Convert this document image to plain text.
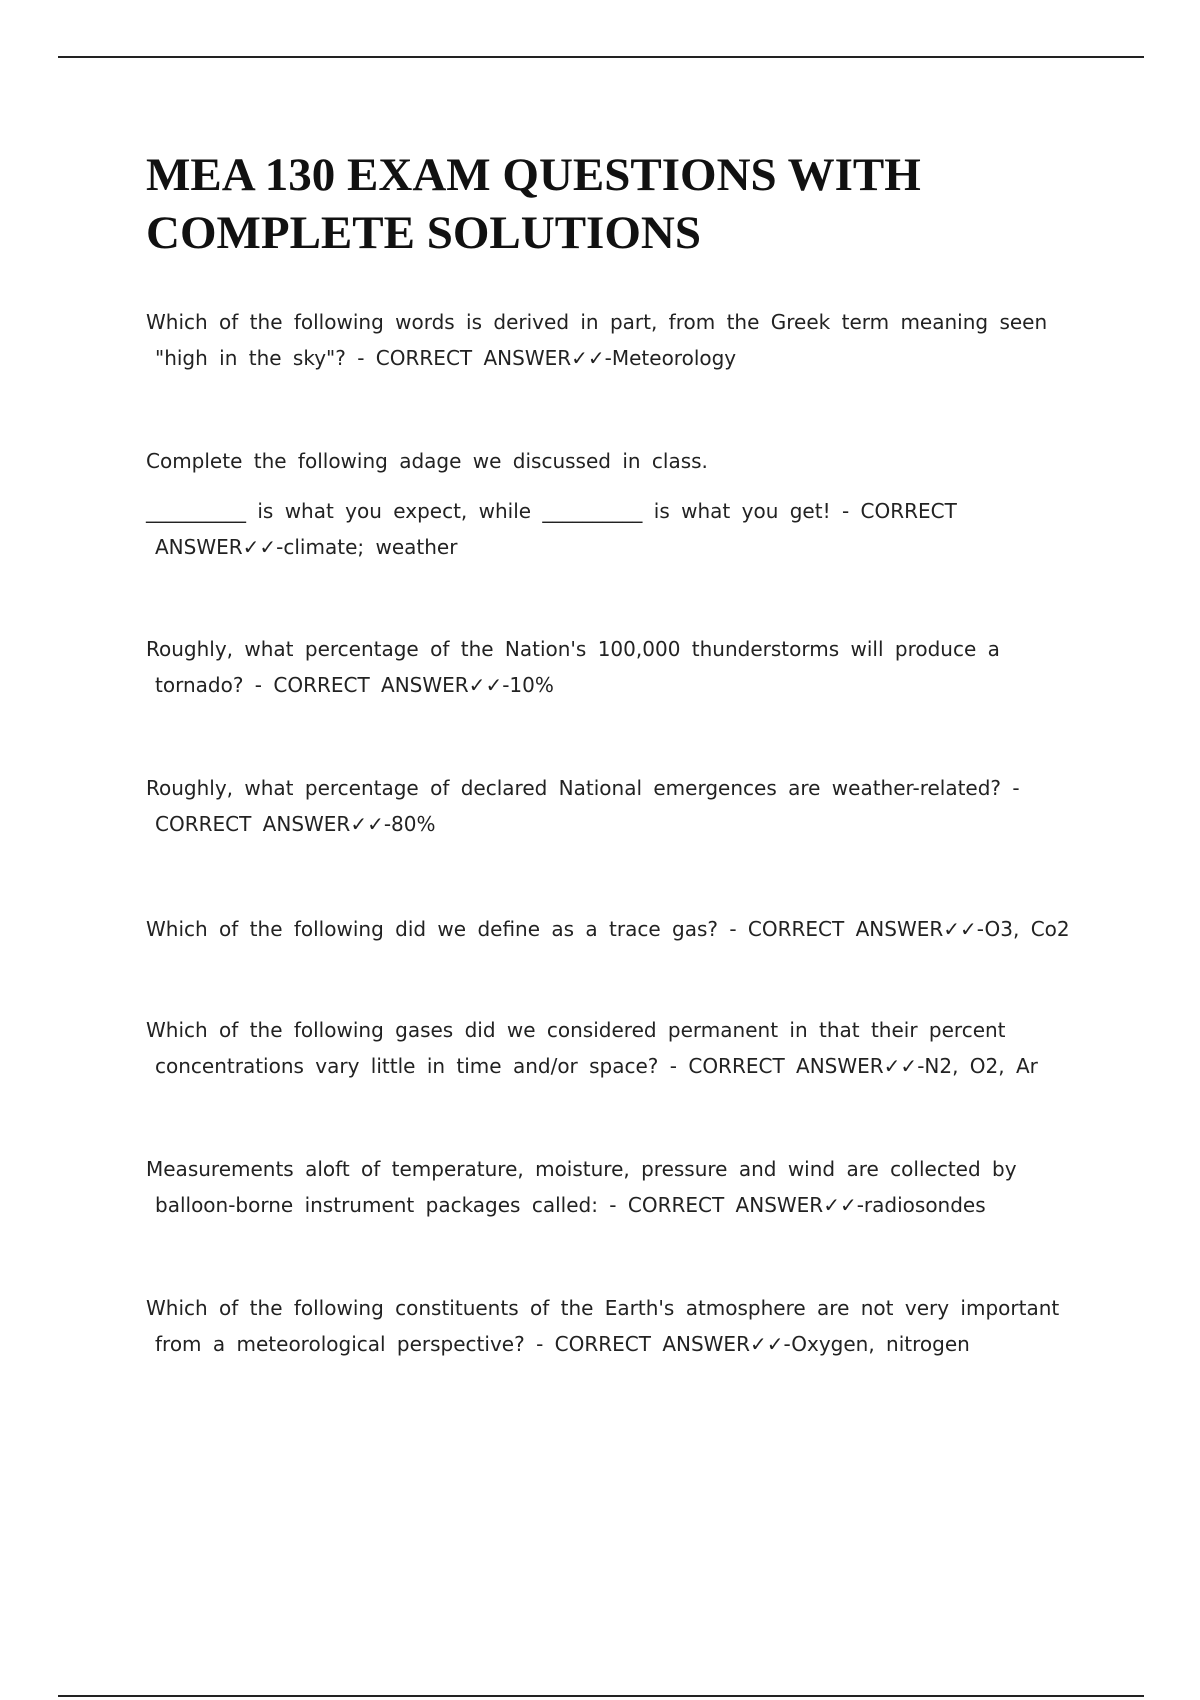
MEA 130 EXAM QUESTIONS WITH
COMPLETE SOLUTIONS
Which of the following words is derived in part, from the Greek term meaning seen
"high in the sky"? - CORRECT ANSWER✓✓-Meteorology
Complete the following adage we discussed in class.
__________ is what you expect, while __________ is what you get! - CORRECT
ANSWER✓✓-climate; weather
Roughly, what percentage of the Nation's 100,000 thunderstorms will produce a
tornado? - CORRECT ANSWER✓✓-10%
Roughly, what percentage of declared National emergences are weather-related? -
CORRECT ANSWER✓✓-80%
Which of the following did we define as a trace gas? - CORRECT ANSWER✓✓-O3, Co2
Which of the following gases did we considered permanent in that their percent
concentrations vary little in time and/or space? - CORRECT ANSWER✓✓-N2, O2, Ar
Measurements aloft of temperature, moisture, pressure and wind are collected by
balloon-borne instrument packages called: - CORRECT ANSWER✓✓-radiosondes
Which of the following constituents of the Earth's atmosphere are not very important
from a meteorological perspective? - CORRECT ANSWER✓✓-Oxygen, nitrogen
